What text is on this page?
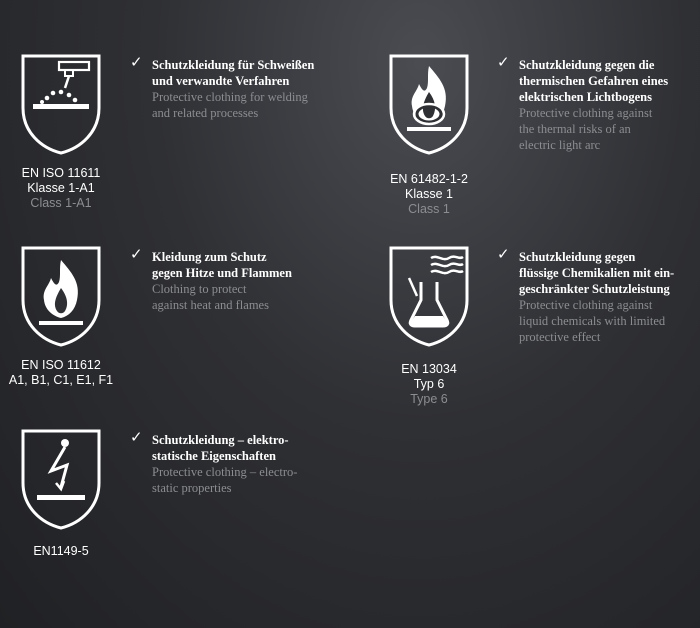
EN ISO 11611
Klasse 1-A1
Class 1-A1
✓ Schutzkleidung für Schweißen
und verwandte Verfahren
Protective clothing for welding
and related processes
EN 61482-1-2
Klasse 1
Class 1
✓ Schutzkleidung gegen die
thermischen Gefahren eines
elektrischen Lichtbogens
Protective clothing against
the thermal risks of an
electric light arc
EN ISO 11612
A1, B1, C1, E1, F1
✓ Kleidung zum Schutz
gegen Hitze und Flammen
Clothing to protect
against heat and flames
EN 13034
Typ 6
Type 6
✓ Schutzkleidung gegen
flüssige Chemikalien mit ein-
geschränkter Schutzleistung
Protective clothing against
liquid chemicals with limited
protective effect
EN1149-5
✓ Schutzkleidung – elektro-
statische Eigenschaften
Protective clothing – electro-
static properties
